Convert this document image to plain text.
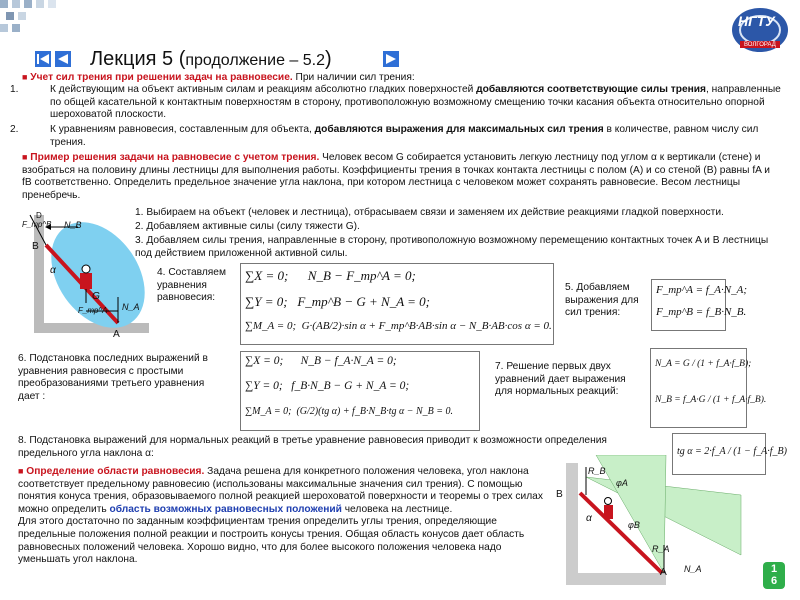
НГТУ
ВОЛГОРАД
Лекция 5 (продолжение – 5.2)
■ Учет сил трения при решении задач на равновесие. При наличии сил трения:
1.	К действующим на объект активным силам и реакциям абсолютно гладких поверхностей добавляются соответствующие силы трения, направленные по общей касательной к контактным поверхностям в сторону, противоположную возможному смещению точки касания объекта относительно опорной шероховатой плоскости.
2.	К уравнениям равновесия, составленным для объекта, добавляются выражения для максимальных сил трения в количестве, равном числу сил трения.
■ Пример решения задачи на равновесие с учетом трения. Человек весом G собирается установить легкую лестницу под углом α к вертикали (стене) и взобраться на половину длины лестницы для выполнения работы. Коэффициенты трения в точках контакта лестницы с полом (A) и со стеной (B) равны fA и fB соответственно. Определить предельное значение угла наклона, при котором лестница с человеком может сохранять равновесие. Весом лестницы пренебречь.
B
A
D
N_B
F_тр^B
G
α
N_A
F_тр^A
1. Выбираем на объект (человек и лестница), отбрасываем связи и заменяем их действие реакциями гладкой поверхности.
2. Добавляем активные силы (силу тяжести G).
3. Добавляем силы трения, направленные в сторону, противоположную возможному перемещению контактных точек A и B лестницы под действием приложенной активной силы.
4. Составляем уравнения равновесия:
∑X = 0;      N_B − F_тр^A = 0;
∑Y = 0;   F_тр^B − G + N_A = 0;
∑M_A = 0;  G·(AB/2)·sin α + F_тр^B·AB·sin α − N_B·AB·cos α = 0.
5. Добавляем выражения для сил трения:
F_тр^A = f_A·N_A;
F_тр^B = f_B·N_B.
6. Подстановка последних выражений в уравнения равновесия с простыми преобразованиями третьего уравнения дает :
∑X = 0;      N_B − f_A·N_A = 0;
∑Y = 0;   f_B·N_B − G + N_A = 0;
∑M_A = 0;  (G/2)(tg α) + f_B·N_B·tg α − N_B = 0.
7. Решение первых двух уравнений дает выражения для нормальных реакций:
N_A = G / (1 + f_A·f_B);
N_B = f_A·G / (1 + f_A·f_B).
8. Подстановка выражений для нормальных реакций в третье уравнение равновесия приводит к возможности определения предельного угла наклона α:	tg α = 2·f_A / (1 − f_A·f_B)
■ Определение области равновесия. Задача решена для конкретного положения человека, угол наклона соответствует предельному равновесию (использованы максимальные значения сил трения). С помощью понятия конуса трения, образовываемого полной реакцией шероховатой поверхности и теоремы о трех силах можно определить область возможных равновесных положений человека на лестнице.
Для этого достаточно по заданным коэффициентам трения определить углы трения, определяющие предельные положения полной реакции и построить конусы трения. Общая область конусов дает область равновесных положений человека. Хорошо видно, что для более высокого положения человека надо уменьшать угол наклона.
B
A
R_B
R_A
φA
φB
α
N_A	1
6
